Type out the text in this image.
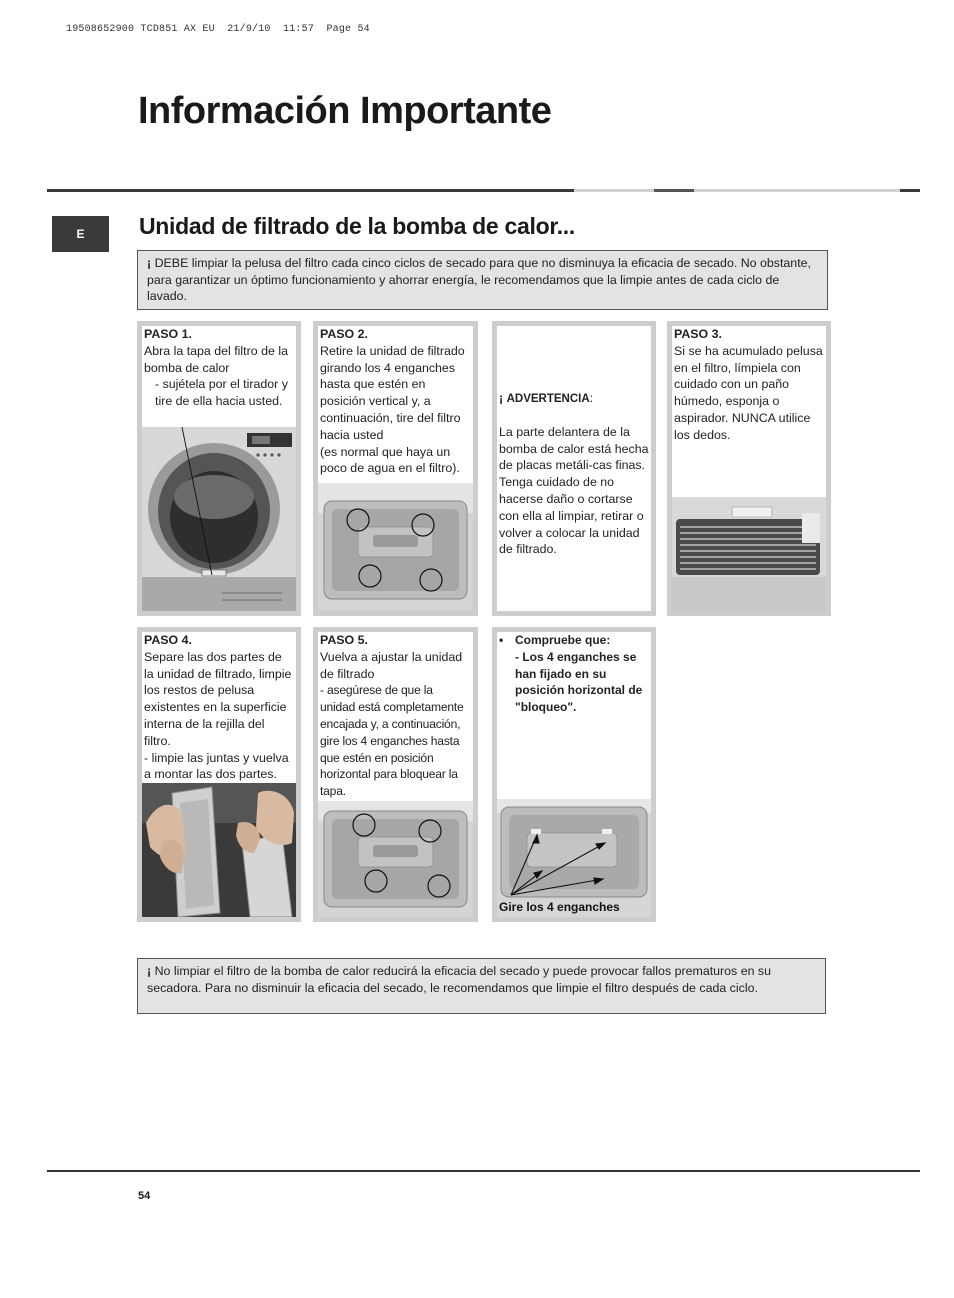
19508652900 TCD851 AX EU  21/9/10  11:57  Page 54
Información Importante
E	Unidad de filtrado de la bomba de calor...
¡ DEBE limpiar la pelusa del filtro cada cinco ciclos de secado para que no disminuya la eficacia de secado. No obstante, para garantizar un óptimo funcionamiento y ahorrar energía, le recomendamos que la limpie antes de cada ciclo de lavado.
PASO 1.
Abra la tapa del filtro de la bomba de calor
- sujétela por el tirador y tire de ella hacia usted.
PASO 2.
Retire la unidad de filtrado girando los 4 enganches hasta que estén en posición vertical y, a continuación, tire del filtro hacia usted
(es normal que haya un poco de agua en el filtro).
¡ ADVERTENCIA:
La parte delantera de la bomba de calor está hecha de placas metáli-cas finas. Tenga cuidado de no hacerse daño o cortarse con ella al limpiar, retirar o volver a colocar la unidad de filtrado.
PASO 3.
Si se ha acumulado pelusa en el filtro, límpiela con cuidado con un paño húmedo, esponja o aspirador. NUNCA utilice los dedos.
PASO 4.
Separe las dos partes de la unidad de filtrado, limpie los restos de pelusa existentes en la superficie interna de la rejilla del filtro.
- limpie las juntas y vuelva a montar las dos partes.
PASO 5.
Vuelva a ajustar la unidad de filtrado
- asegúrese de que la unidad está completamente encajada y, a continuación, gire los 4 enganches hasta que estén en posición horizontal para bloquear la tapa.
• Compruebe que:
- Los 4 enganches se han fijado en su posición horizontal de "bloqueo".
Gire los 4 enganches
¡ No limpiar el filtro de la bomba de calor reducirá la eficacia del secado y puede provocar fallos prematuros en su secadora. Para no disminuir la eficacia del secado, le recomendamos que limpie el filtro después de cada ciclo.
54
